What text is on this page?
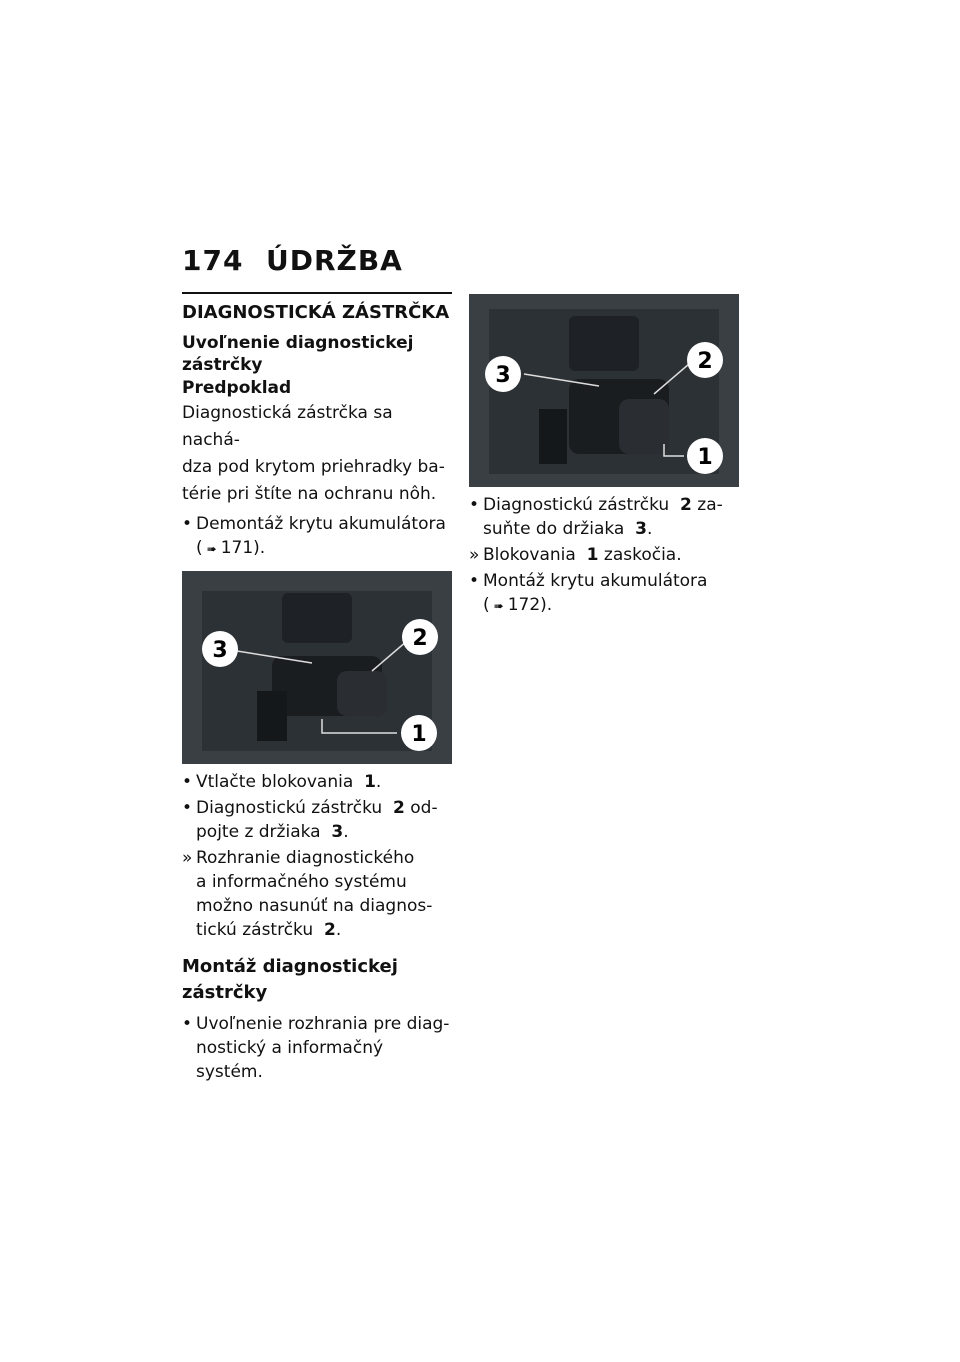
174 ÚDRŽBA
DIAGNOSTICKÁ ZÁSTRČKA
Uvoľnenie diagnostickej
zástrčky
Predpoklad
Diagnostická zástrčka sa nachá-
dza pod krytom priehradky ba-
térie pri štíte na ochranu nôh.
• Demontáž krytu akumulátora
( ➠ 171).
3	2
1
• Vtlačte blokovania 1.
• Diagnostickú zástrčku 2 od-
pojte z držiaka 3.
» Rozhranie diagnostického
a informačného systému
možno nasunúť na diagnos-
tickú zástrčku 2.
Montáž diagnostickej zástrčky
• Uvoľnenie rozhrania pre diag-
nostický a informačný systém.
3
2
1
• Diagnostickú zástrčku 2 za-
suňte do držiaka 3.
» Blokovania 1 zaskočia.
• Montáž krytu akumulátora
( ➠ 172).
